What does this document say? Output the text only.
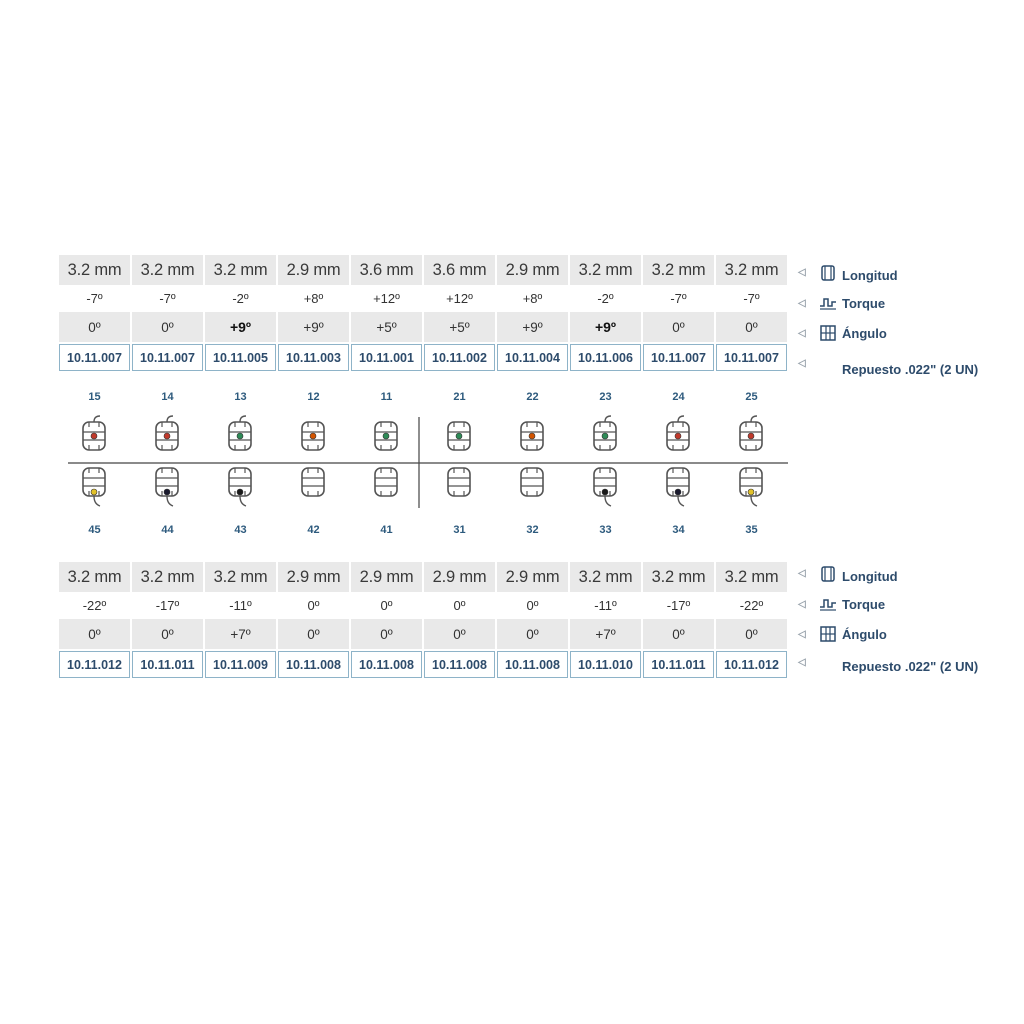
3.2 mm	3.2 mm	3.2 mm	2.9 mm	3.6 mm	3.6 mm	2.9 mm	3.2 mm	3.2 mm	3.2 mm
-7º	-7º	-2º	+8º	+12º	+12º	+8º	-2º	-7º	-7º
0º	0º	+9º	+9º	+5º	+5º	+9º	+9º	0º	0º
10.11.007	10.11.007	10.11.005	10.11.003	10.11.001	10.11.002	10.11.004	10.11.006	10.11.007	10.11.007
◁	Longitud
◁	Torque
◁	Ángulo
◁	Repuesto .022" (2 UN)
15	14	13	12	11	21	22	23	24	25
45	44	43	42	41	31	32	33	34	35
3.2 mm	3.2 mm	3.2 mm	2.9 mm	2.9 mm	2.9 mm	2.9 mm	3.2 mm	3.2 mm	3.2 mm
-22º	-17º	-11º	0º	0º	0º	0º	-11º	-17º	-22º
0º	0º	+7º	0º	0º	0º	0º	+7º	0º	0º
10.11.012	10.11.011	10.11.009	10.11.008	10.11.008	10.11.008	10.11.008	10.11.010	10.11.011	10.11.012
◁	Longitud
◁	Torque
◁	Ángulo
◁	Repuesto .022" (2 UN)
